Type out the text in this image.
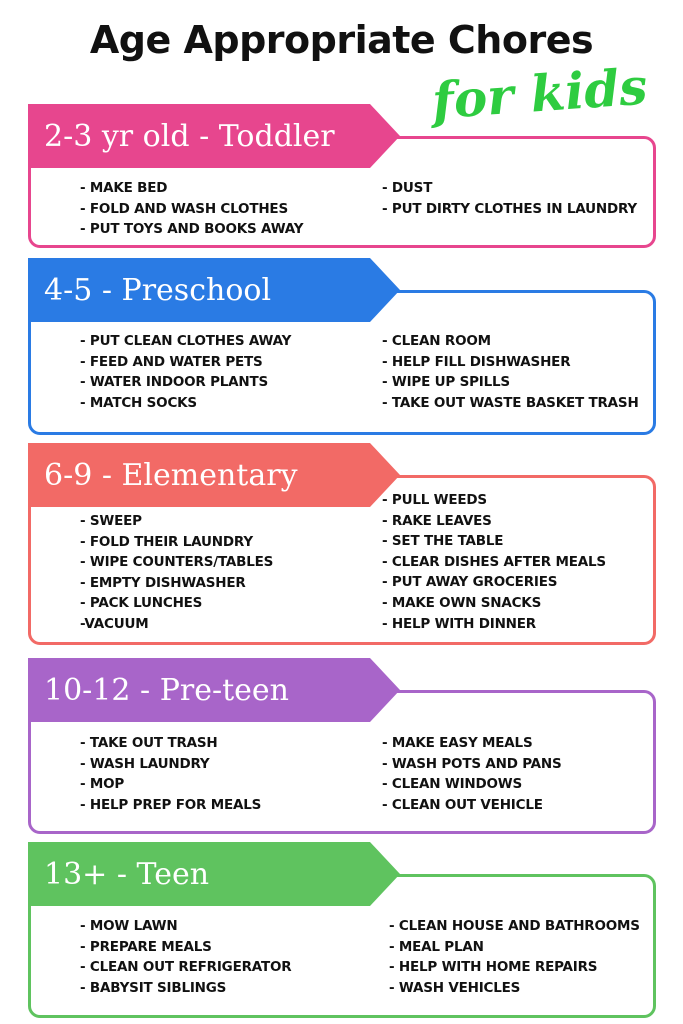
Age Appropriate Chores
for kids
2-3 yr old - Toddler
- MAKE BED
- FOLD AND WASH CLOTHES
- PUT TOYS AND BOOKS AWAY
- DUST
- PUT DIRTY CLOTHES IN LAUNDRY
4-5 - Preschool
- PUT CLEAN CLOTHES AWAY
- FEED AND WATER PETS
- WATER INDOOR PLANTS
- MATCH SOCKS
- CLEAN ROOM
- HELP FILL DISHWASHER
- WIPE UP SPILLS
- TAKE OUT WASTE BASKET TRASH
6-9 - Elementary
- SWEEP
- FOLD THEIR LAUNDRY
- WIPE COUNTERS/TABLES
- EMPTY DISHWASHER
- PACK LUNCHES
-VACUUM
- PULL WEEDS
- RAKE LEAVES
- SET THE TABLE
- CLEAR DISHES AFTER MEALS
- PUT AWAY GROCERIES
- MAKE OWN SNACKS
- HELP WITH DINNER
10-12 - Pre-teen
- TAKE OUT TRASH
- WASH LAUNDRY
- MOP
- HELP PREP FOR MEALS
- MAKE EASY MEALS
- WASH POTS AND PANS
- CLEAN WINDOWS
- CLEAN OUT VEHICLE
13+ - Teen
- MOW LAWN
- PREPARE MEALS
- CLEAN OUT REFRIGERATOR
- BABYSIT SIBLINGS
- CLEAN HOUSE AND BATHROOMS
- MEAL PLAN
- HELP WITH HOME REPAIRS
- WASH VEHICLES
